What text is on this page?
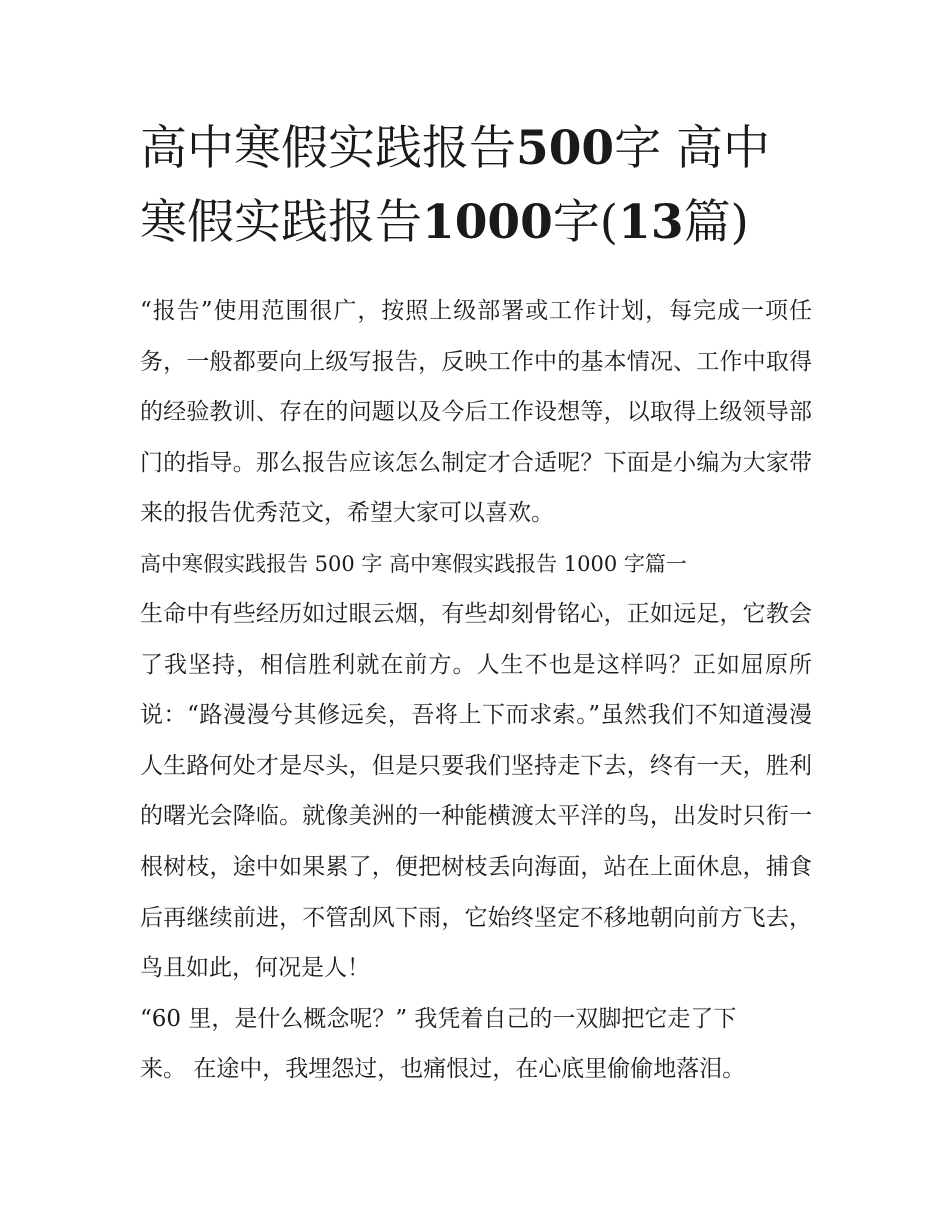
高中寒假实践报告500字 高中寒假实践报告1000字(13篇)

“报告”使用范围很广，按照上级部署或工作计划，每完成一项任务，一般都要向上级写报告，反映工作中的基本情况、工作中取得的经验教训、存在的问题以及今后工作设想等，以取得上级领导部门的指导。那么报告应该怎么制定才合适呢？下面是小编为大家带来的报告优秀范文，希望大家可以喜欢。

高中寒假实践报告 500 字 高中寒假实践报告 1000 字篇一

生命中有些经历如过眼云烟，有些却刻骨铭心，正如远足，它教会了我坚持，相信胜利就在前方。人生不也是这样吗？正如屈原所说：“路漫漫兮其修远矣，吾将上下而求索。”虽然我们不知道漫漫人生路何处才是尽头，但是只要我们坚持走下去，终有一天，胜利的曙光会降临。就像美洲的一种能横渡太平洋的鸟，出发时只衔一根树枝，途中如果累了，便把树枝丢向海面，站在上面休息，捕食后再继续前进，不管刮风下雨，它始终坚定不移地朝向前方飞去，鸟且如此，何况是人！

“60 里，是什么概念呢？” 我凭着自己的一双脚把它走了下

来。 在途中，我埋怨过，也痛恨过，在心底里偷偷地落泪。
